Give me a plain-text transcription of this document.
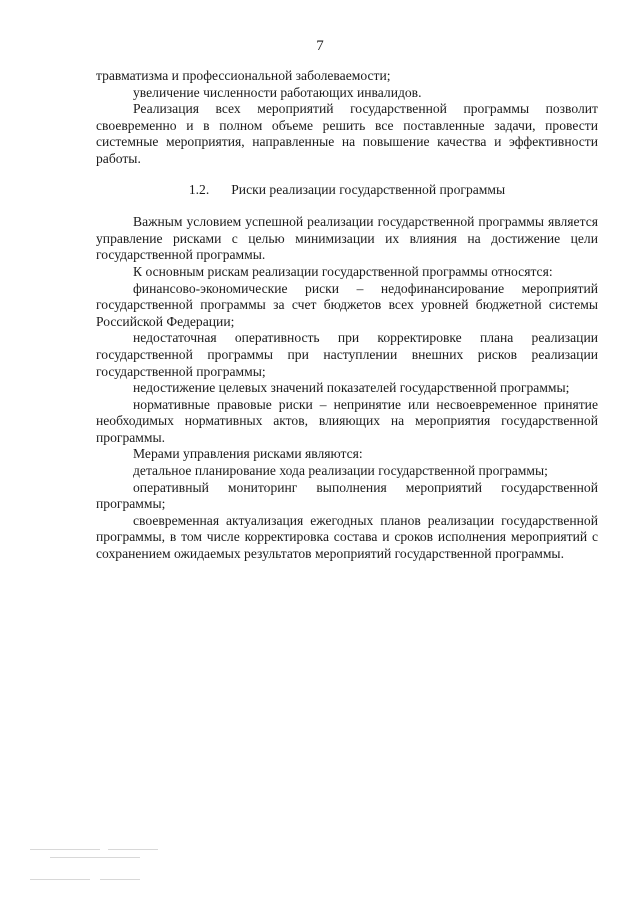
7

травматизма и профессиональной заболеваемости;

увеличение численности работающих инвалидов.

Реализация всех мероприятий государственной программы позволит своевременно и в полном объеме решить все поставленные задачи, провести системные мероприятия, направленные на повышение качества и эффективности работы.

1.2. Риски реализации государственной программы

Важным условием успешной реализации государственной программы является управление рисками с целью минимизации их влияния на достижение цели государственной программы.

К основным рискам реализации государственной программы относятся:

финансово-экономические риски – недофинансирование мероприятий государственной программы за счет бюджетов всех уровней бюджетной системы Российской Федерации;

недостаточная оперативность при корректировке плана реализации государственной программы при наступлении внешних рисков реализации государственной программы;

недостижение целевых значений показателей государственной программы;

нормативные правовые риски – непринятие или несвоевременное принятие необходимых нормативных актов, влияющих на мероприятия государственной программы.

Мерами управления рисками являются:

детальное планирование хода реализации государственной программы;

оперативный мониторинг выполнения мероприятий государственной программы;

своевременная актуализация ежегодных планов реализации государственной программы, в том числе корректировка состава и сроков исполнения мероприятий с сохранением ожидаемых результатов мероприятий государственной программы.
